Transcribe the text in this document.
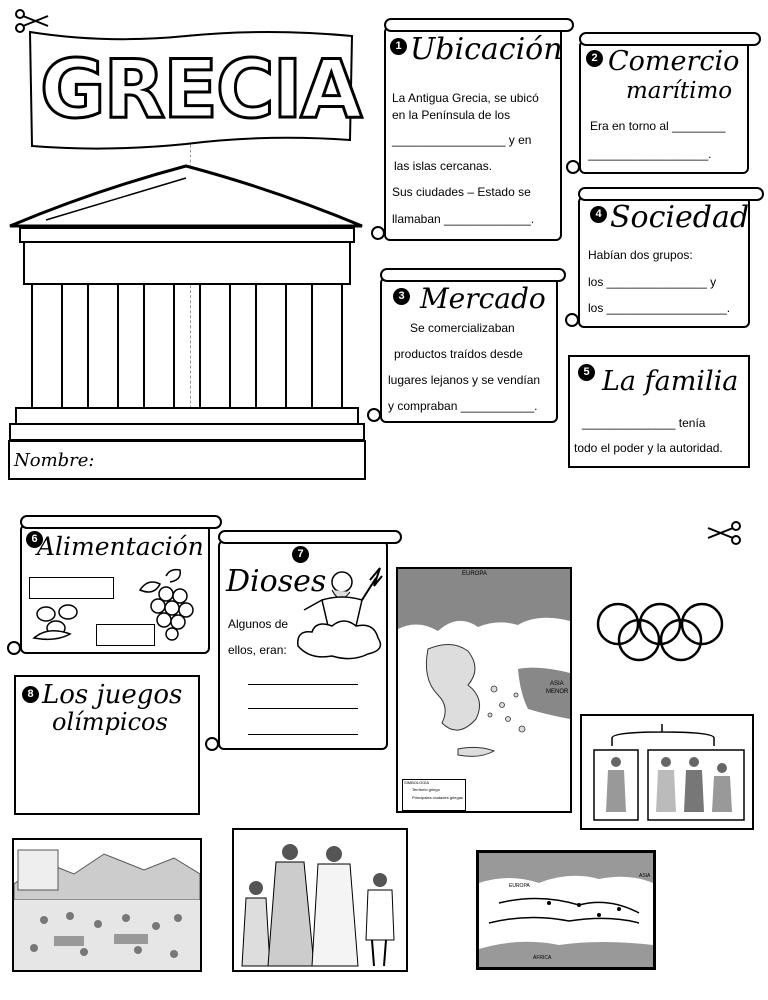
GRECIA
Nombre:
1 Ubicación
La Antigua Grecia, se ubicó
en la Península de los
_________________ y en
las islas cercanas.
Sus ciudades – Estado se
llamaban _____________.
2 Comercio
marítimo
Era en torno al ________
__________________.
3 Mercado
Se comercializaban
productos traídos desde
lugares lejanos y se vendían
y compraban ___________.
4 Sociedad
Habían dos grupos:
los _______________ y
los __________________.
5 La familia
______________ tenía
todo el poder y la autoridad.
6 Alimentación	7
Dioses
Algunos de
ellos, eran:
8 Los juegos
olímpicos
EUROPA
ASIA
MENOR
SIMBOLOGÍA
Territorio griego
Principales ciudades griegas
EUROPA
ÁFRICA
ASIA
